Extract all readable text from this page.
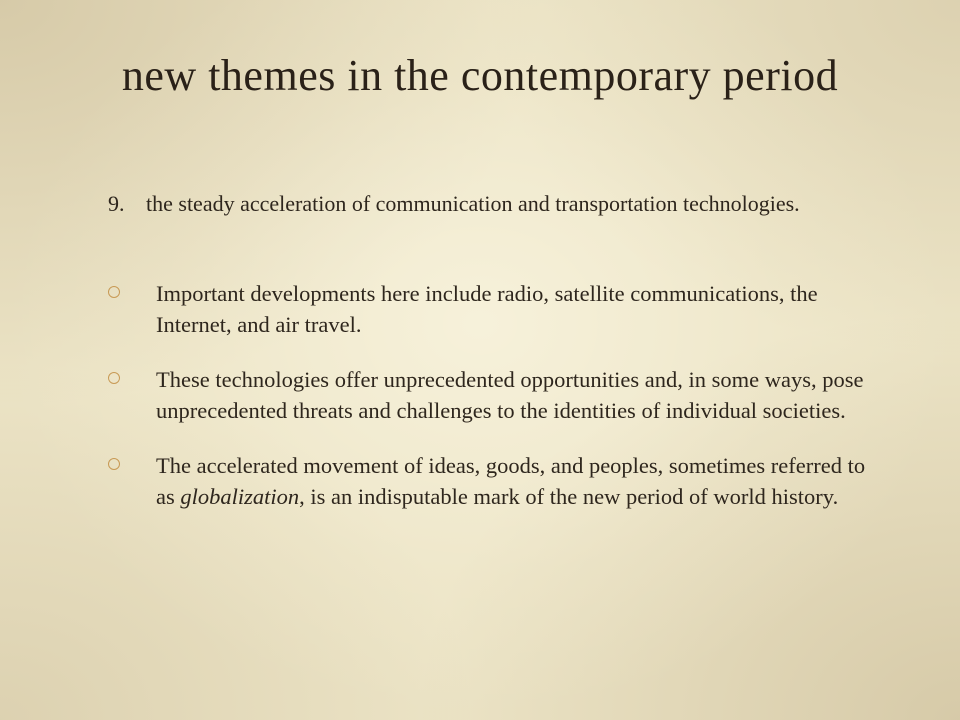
new themes in the contemporary period
9. the steady acceleration of communication and transportation technologies.
Important developments here include radio, satellite communications, the Internet, and air travel.
These technologies offer unprecedented opportunities and, in some ways, pose unprecedented threats and challenges to the identities of individual societies.
The accelerated movement of ideas, goods, and peoples, sometimes referred to as globalization, is an indisputable mark of the new period of world history.
